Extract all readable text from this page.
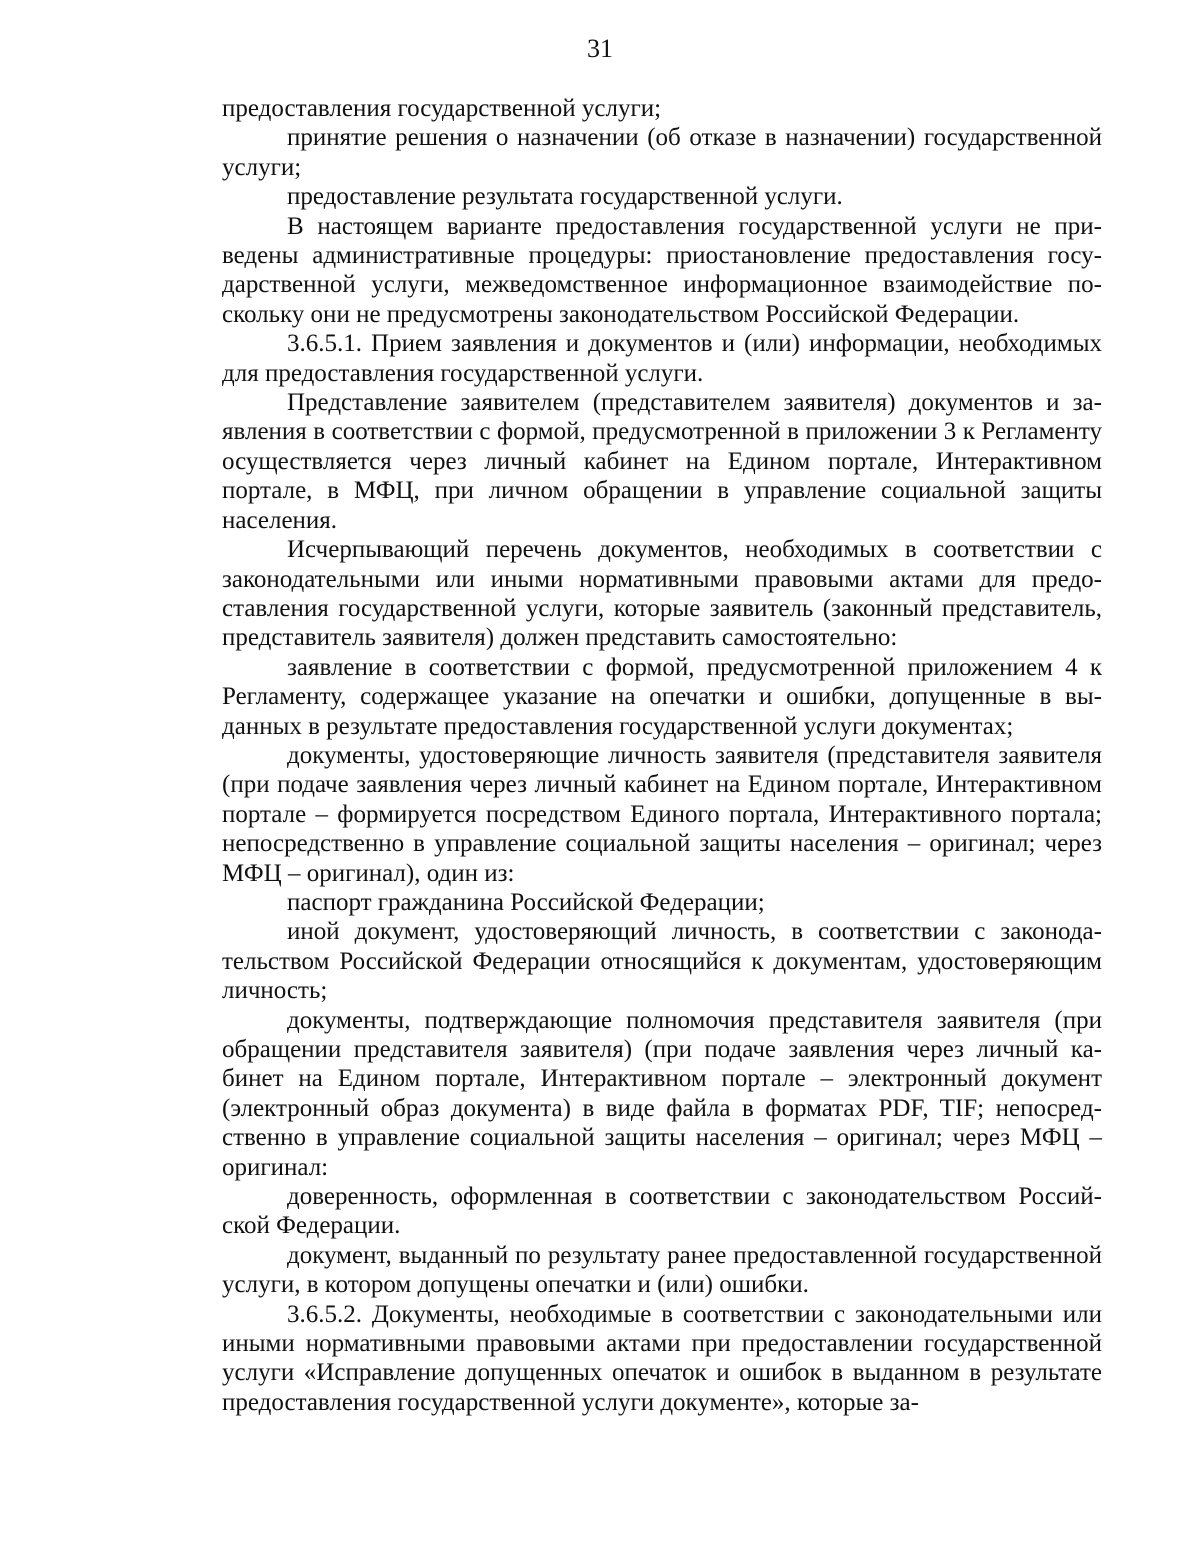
31

предоставления государственной услуги;

принятие решения о назначении (об отказе в назначении) государственной услуги;

предоставление результата государственной услуги.

В настоящем варианте предоставления государственной услуги не приведены административные процедуры: приостановление предоставления государственной услуги, межведомственное информационное взаимодействие поскольку они не предусмотрены законодательством Российской Федерации.

3.6.5.1. Прием заявления и документов и (или) информации, необходимых для предоставления государственной услуги.

Представление заявителем (представителем заявителя) документов и заявления в соответствии с формой, предусмотренной в приложении 3 к Регламенту осуществляется через личный кабинет на Едином портале, Интерактивном портале, в МФЦ, при личном обращении в управление социальной защиты населения.

Исчерпывающий перечень документов, необходимых в соответствии с законодательными или иными нормативными правовыми актами для предоставления государственной услуги, которые заявитель (законный представитель, представитель заявителя) должен представить самостоятельно:

заявление в соответствии с формой, предусмотренной приложением 4 к Регламенту, содержащее указание на опечатки и ошибки, допущенные в выданных в результате предоставления государственной услуги документах;

документы, удостоверяющие личность заявителя (представителя заявителя (при подаче заявления через личный кабинет на Едином портале, Интерактивном портале – формируется посредством Единого портала, Интерактивного портала; непосредственно в управление социальной защиты населения – оригинал; через МФЦ – оригинал), один из:

паспорт гражданина Российской Федерации;

иной документ, удостоверяющий личность, в соответствии с законодательством Российской Федерации относящийся к документам, удостоверяющим личность;

документы, подтверждающие полномочия представителя заявителя (при обращении представителя заявителя) (при подаче заявления через личный кабинет на Едином портале, Интерактивном портале – электронный документ (электронный образ документа) в виде файла в форматах PDF, TIF; непосредственно в управление социальной защиты населения – оригинал; через МФЦ – оригинал:

доверенность, оформленная в соответствии с законодательством Российской Федерации.

документ, выданный по результату ранее предоставленной государственной услуги, в котором допущены опечатки и (или) ошибки.

3.6.5.2. Документы, необходимые в соответствии с законодательными или иными нормативными правовыми актами при предоставлении государственной услуги «Исправление допущенных опечаток и ошибок в выданном в результате предоставления государственной услуги документе», которые за-
